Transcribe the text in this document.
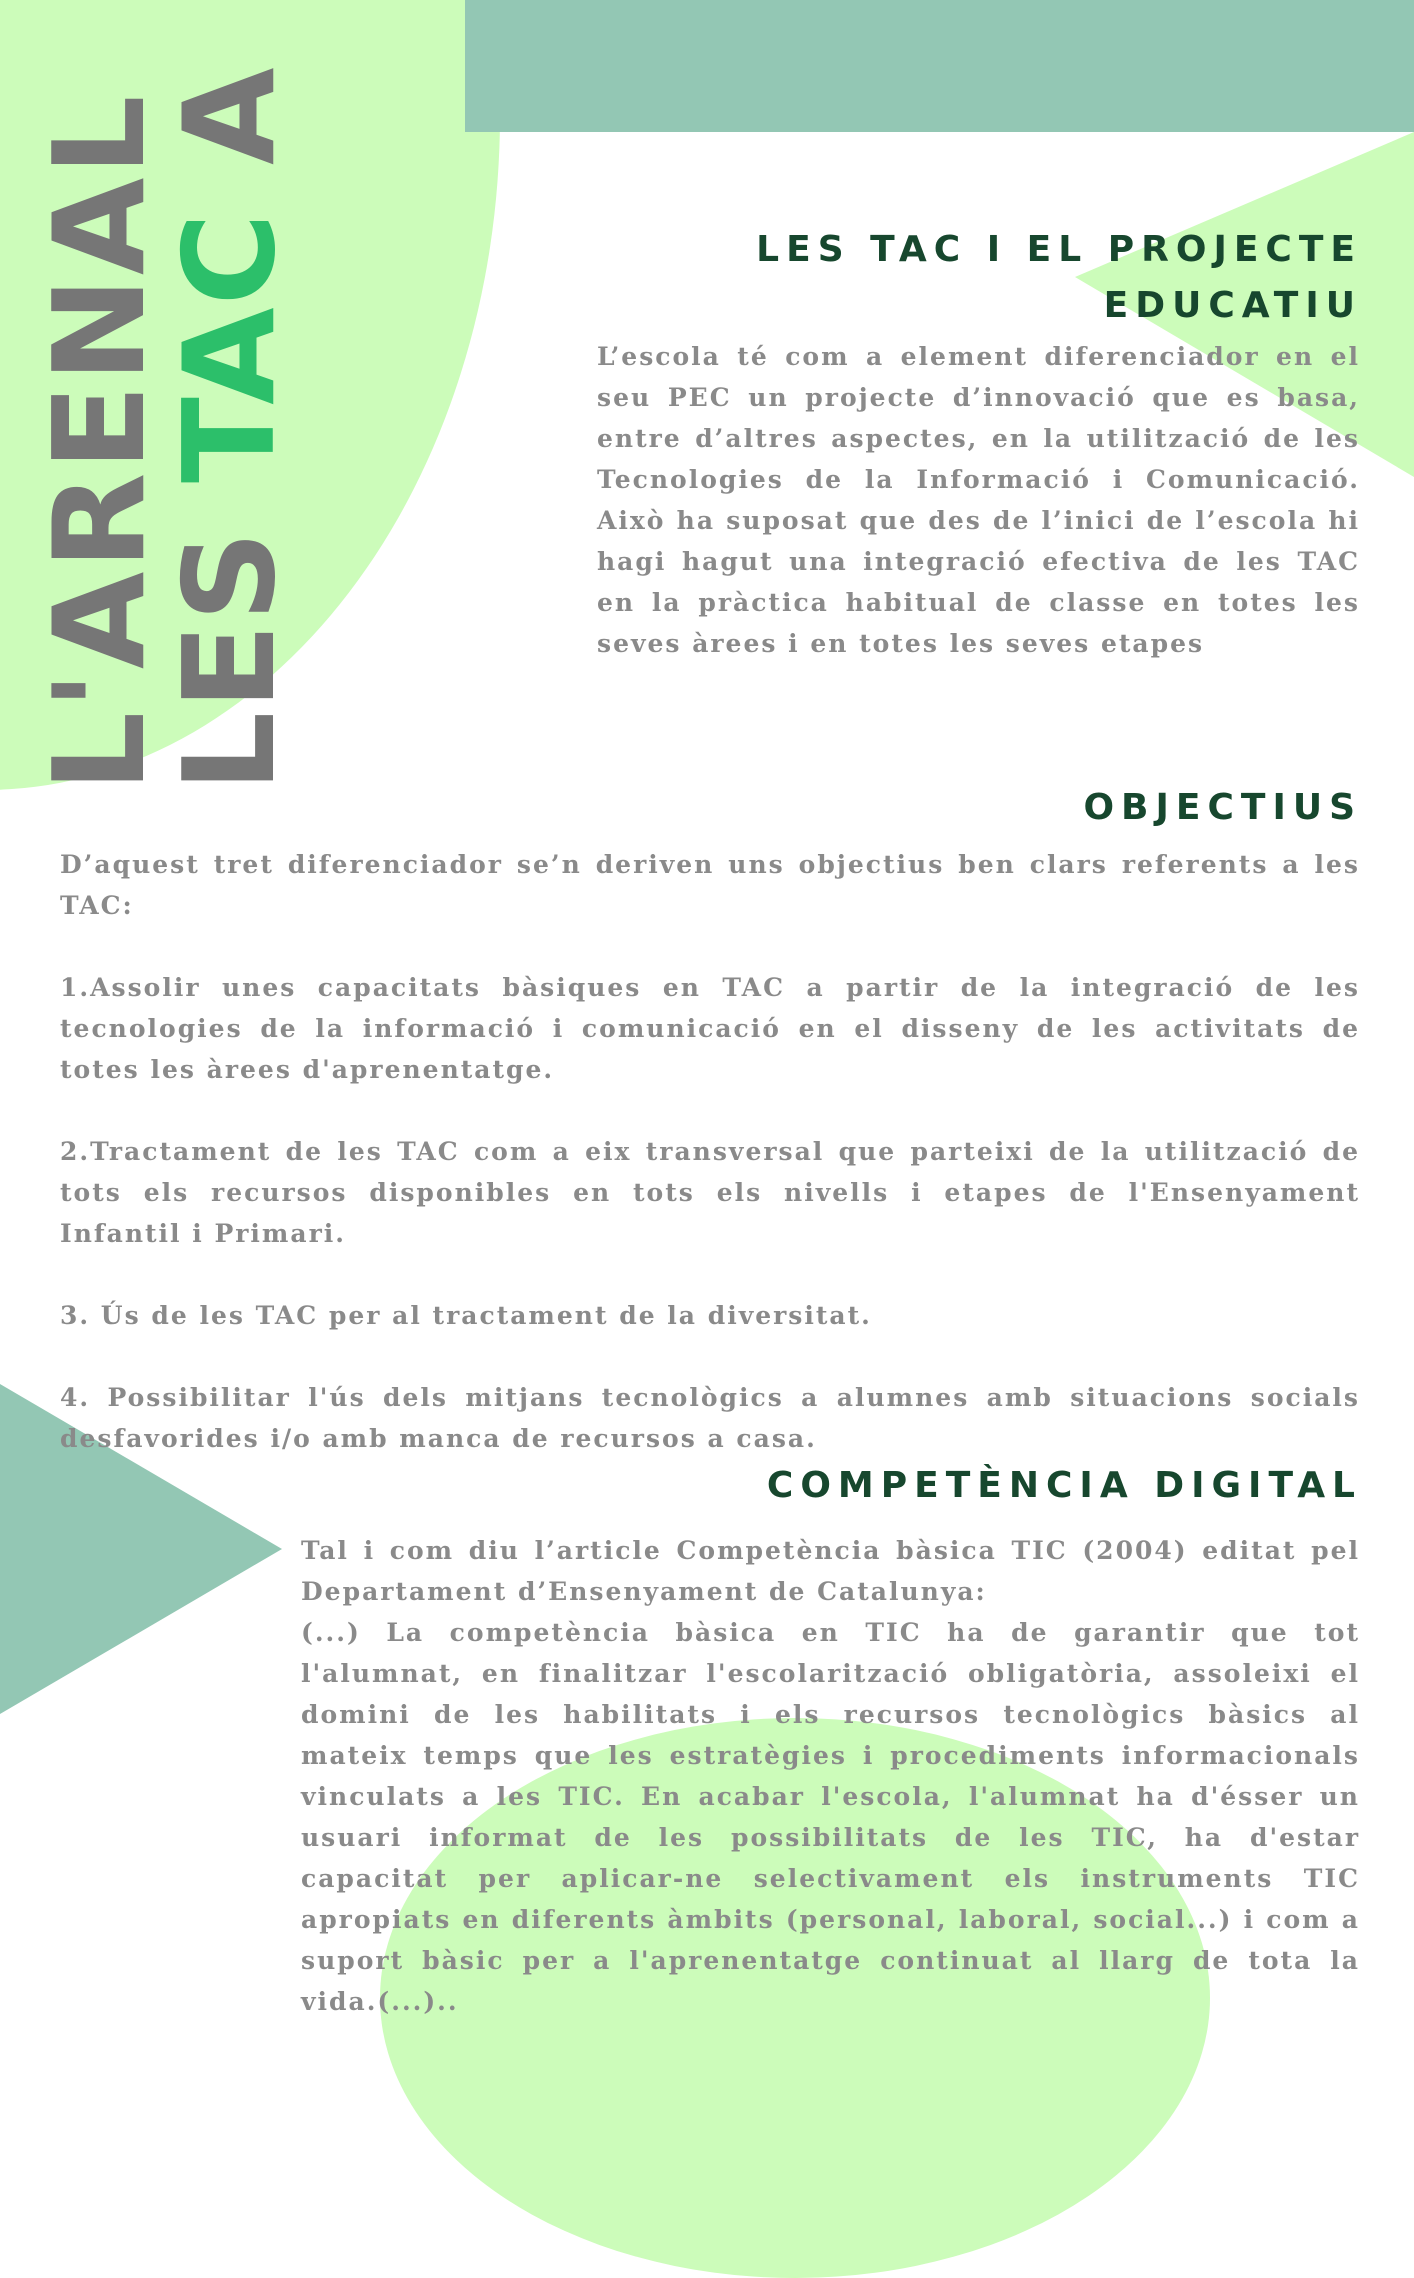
L'ARENAL
LES TAC A
LES TAC I EL PROJECTE
EDUCATIU

L’escola té com a element diferenciador en el seu PEC un projecte d’innovació que es basa, entre d’altres aspectes, en la utilització de les Tecnologies de la Informació i Comunicació. Això ha suposat que des de l’inici de l’escola hi hagi hagut una integració efectiva de les TAC en la pràctica habitual de classe en totes les seves àrees i en totes les seves etapes

OBJECTIUS

D’aquest tret diferenciador se’n deriven uns objectius ben clars referents a les TAC:

1.Assolir unes capacitats bàsiques en TAC a partir de la integració de les tecnologies de la informació i comunicació en el disseny de les activitats de totes les àrees d'aprenentatge.

2.Tractament de les TAC com a eix transversal que parteixi de la utilització de tots els recursos disponibles en tots els nivells i etapes de l'Ensenyament Infantil i Primari.

3. Ús de les TAC per al tractament de la diversitat.

4. Possibilitar l'ús dels mitjans tecnològics a alumnes amb situacions socials desfavorides i/o amb manca de recursos a casa.

COMPETÈNCIA DIGITAL

Tal i com diu l’article Competència bàsica TIC (2004) editat pel Departament d’Ensenyament de Catalunya:

(...) La competència bàsica en TIC ha de garantir que tot l'alumnat, en finalitzar l'escolarització obligatòria, assoleixi el domini de les habilitats i els recursos tecnològics bàsics al mateix temps que les estratègies i procediments informacionals vinculats a les TIC. En acabar l'escola, l'alumnat ha d'ésser un usuari informat de les possibilitats de les TIC, ha d'estar capacitat per aplicar-ne selectivament els instruments TIC apropiats en diferents àmbits (personal, laboral, social...) i com a suport bàsic per a l'aprenentatge continuat al llarg de tota la vida.(...)..
